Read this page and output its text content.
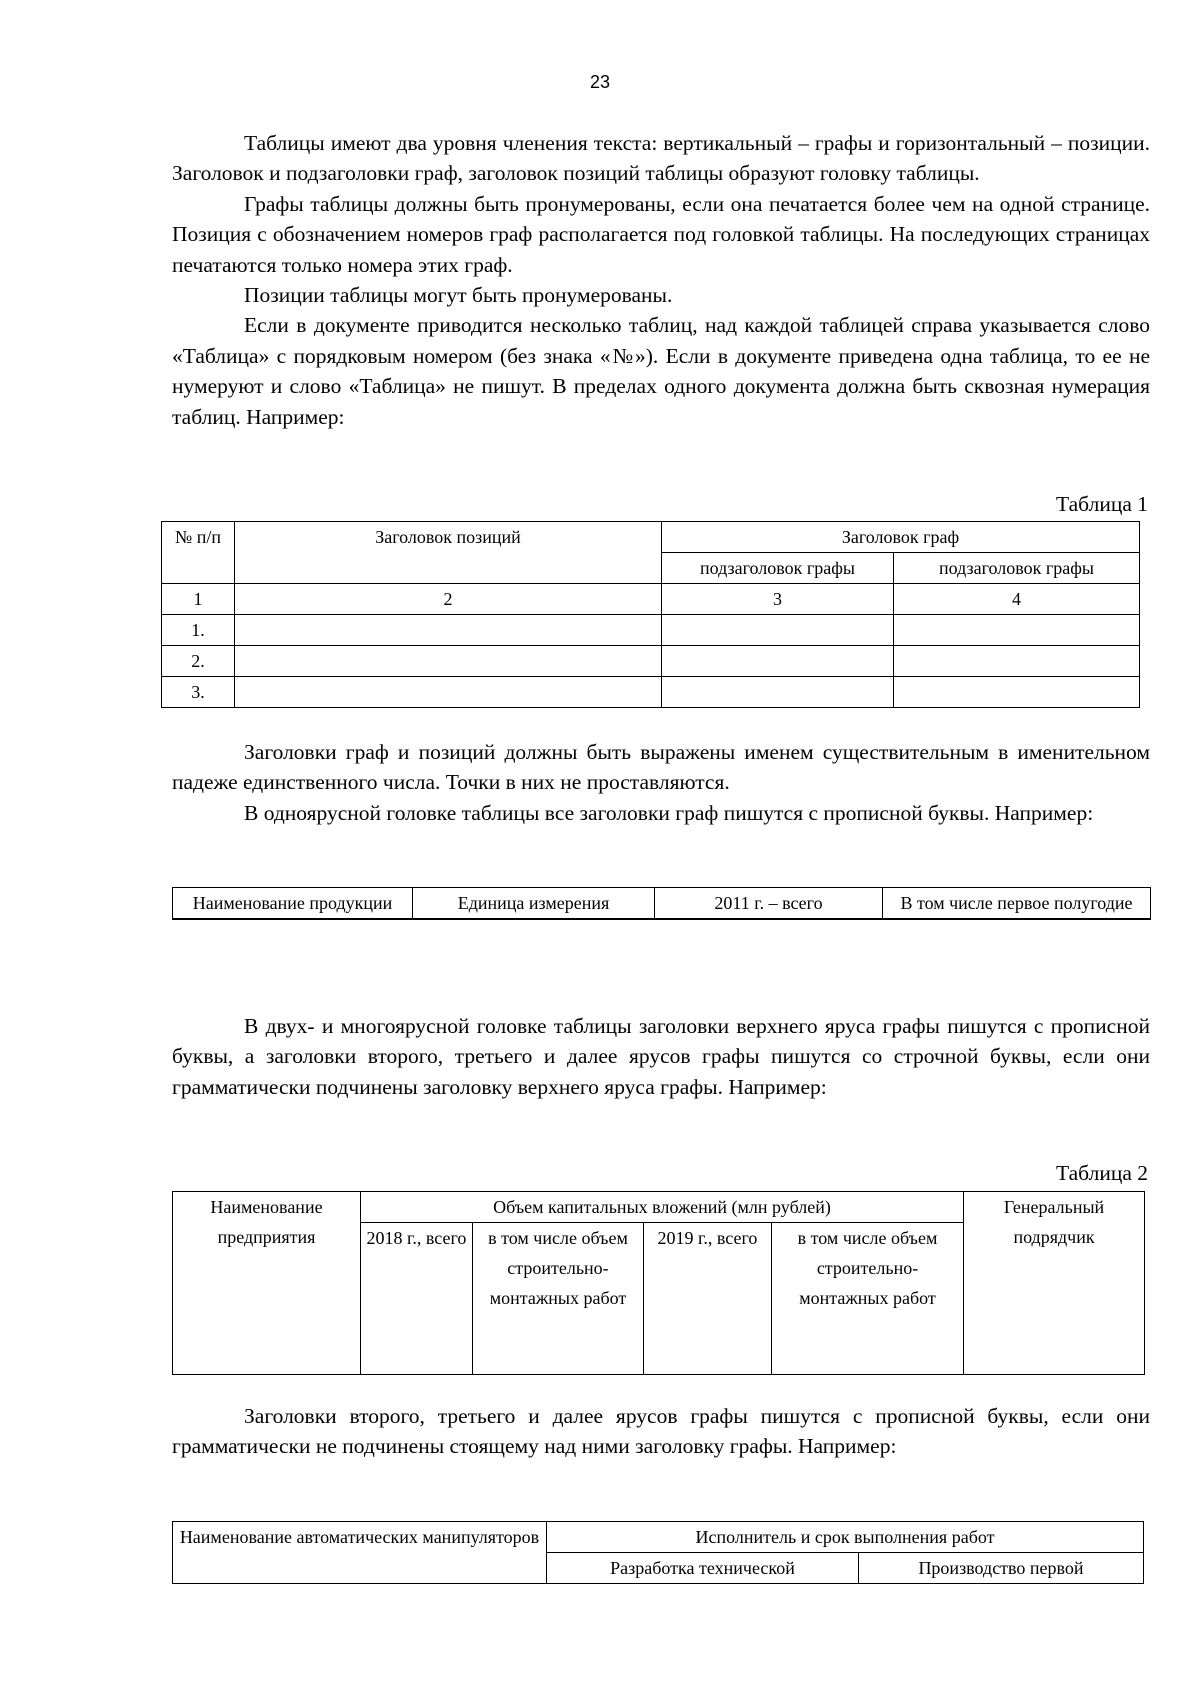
23

Таблицы имеют два уровня членения текста: вертикальный – графы и горизонтальный – позиции. Заголовок и подзаголовки граф, заголовок позиций таблицы образуют головку таблицы.

Графы таблицы должны быть пронумерованы, если она печатается более чем на одной странице. Позиция с обозначением номеров граф располагается под головкой таблицы. На последующих страницах печатаются только номера этих граф.

Позиции таблицы могут быть пронумерованы.

Если в документе приводится несколько таблиц, над каждой таблицей справа указывается слово «Таблица» с порядковым номером (без знака «№»). Если в документе приведена одна таблица, то ее не нумеруют и слово «Таблица» не пишут. В пределах одного документа должна быть сквозная нумерация таблиц. Например:

Таблица 1
№ п/п	Заголовок позиций	Заголовок граф	
		подзаголовок графы	подзаголовок графы
1	2	3	4
1.			
2.			
3.			

Заголовки граф и позиций должны быть выражены именем существительным в именительном падеже единственного числа. Точки в них не проставляются.

В одноярусной головке таблицы все заголовки граф пишутся с прописной буквы. Например:

Наименование продукции	Единица измерения	2011 г. – всего	В том числе первое полугодие

В двух- и многоярусной головке таблицы заголовки верхнего яруса графы пишутся с прописной буквы, а заголовки второго, третьего и далее ярусов графы пишутся со строчной буквы, если они грамматически подчинены заголовку верхнего яруса графы. Например:

Таблица 2
Наименование предприятия	Объем капитальных вложений (млн рублей)				Генеральный подрядчик
	2018 г., всего	в том числе объем строительно-монтажных работ	2019 г., всего	в том числе объем строительно-монтажных работ	

Заголовки второго, третьего и далее ярусов графы пишутся с прописной буквы, если они грамматически не подчинены стоящему над ними заголовку графы. Например:

Наименование автоматических манипуляторов	Исполнитель и срок выполнения работ	
	Разработка технической	Производство первой
